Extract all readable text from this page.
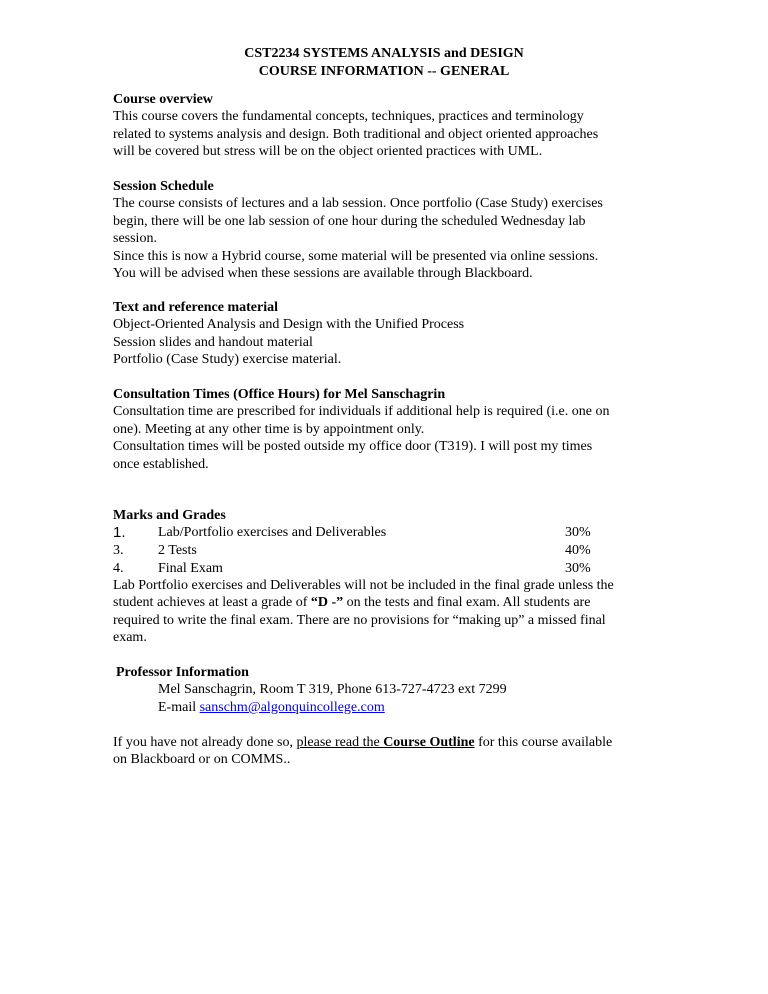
CST2234 SYSTEMS ANALYSIS and DESIGN
COURSE INFORMATION -- GENERAL

Course overview

This course covers the fundamental concepts, techniques, practices and terminology

related to systems analysis and design. Both traditional and object oriented approaches

will be covered but stress will be on the object oriented practices with UML.

Session Schedule

The course consists of lectures and a lab session. Once portfolio (Case Study) exercises

begin, there will be one lab session of one hour during the scheduled Wednesday lab

session.

Since this is now a Hybrid course, some material will be presented via online sessions.

You will be advised when these sessions are available through Blackboard.

Text and reference material

Object-Oriented Analysis and Design with the Unified Process

Session slides and handout material

Portfolio (Case Study) exercise material.

Consultation Times (Office Hours) for Mel Sanschagrin

Consultation time are prescribed for individuals if additional help is required (i.e. one on

one). Meeting at any other time is by appointment only.

Consultation times will be posted outside my office door (T319). I will post my times

once established.

Marks and Grades

1. Lab/Portfolio exercises and Deliverables	30%
3. 2 Tests	40%
4. Final Exam	30%

Lab Portfolio exercises and Deliverables will not be included in the final grade unless the

student achieves at least a grade of “D -” on the tests and final exam. All students are

required to write the final exam. There are no provisions for “making up” a missed final

exam.

Professor Information

Mel Sanschagrin, Room T 319, Phone 613-727-4723 ext 7299
E-mail sanschm@algonquincollege.com

If you have not already done so, please read the Course Outline for this course available

on Blackboard or on COMMS..
